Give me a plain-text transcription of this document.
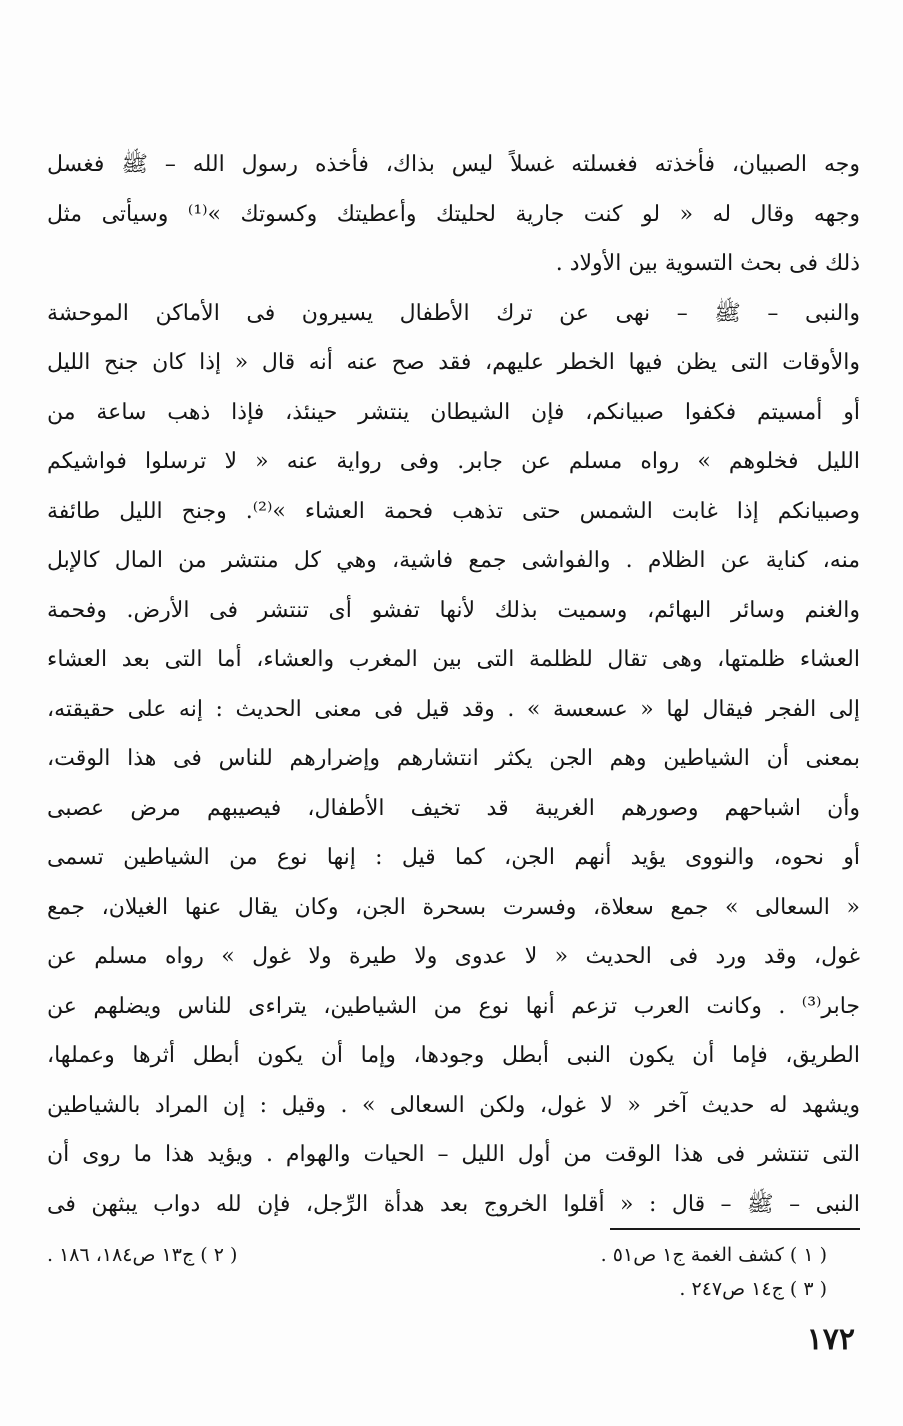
وجه الصبيان، فأخذته فغسلته غسلاً ليس بذاك، فأخذه رسول الله – ﷺ فغسل
وجهه وقال له « لو كنت جارية لحليتك وأعطيتك وكسوتك »⁽¹⁾ وسيأتى مثل
ذلك فى بحث التسوية بين الأولاد .
والنبى – ﷺ – نهى عن ترك الأطفال يسيرون فى الأماكن الموحشة
والأوقات التى يظن فيها الخطر عليهم، فقد صح عنه أنه قال « إذا كان جنح الليل
أو أمسيتم فكفوا صبيانكم، فإن الشيطان ينتشر حينئذ، فإذا ذهب ساعة من
الليل فخلوهم » رواه مسلم عن جابر. وفى رواية عنه « لا ترسلوا فواشيكم
وصبيانكم إذا غابت الشمس حتى تذهب فحمة العشاء »⁽²⁾. وجنح الليل طائفة
منه، كناية عن الظلام . والفواشى جمع فاشية، وهي كل منتشر من المال كالإبل
والغنم وسائر البهائم، وسميت بذلك لأنها تفشو أى تنتشر فى الأرض. وفحمة
العشاء ظلمتها، وهى تقال للظلمة التى بين المغرب والعشاء، أما التى بعد العشاء
إلى الفجر فيقال لها « عسعسة » . وقد قيل فى معنى الحديث : إنه على حقيقته،
بمعنى أن الشياطين وهم الجن يكثر انتشارهم وإضرارهم للناس فى هذا الوقت،
وأن اشباحهم وصورهم الغريبة قد تخيف الأطفال، فيصيبهم مرض عصبى
أو نحوه، والنووى يؤيد أنهم الجن، كما قيل : إنها نوع من الشياطين تسمى
« السعالى » جمع سعلاة، وفسرت بسحرة الجن، وكان يقال عنها الغيلان، جمع
غول، وقد ورد فى الحديث « لا عدوى ولا طيرة ولا غول » رواه مسلم عن
جابر⁽³⁾ . وكانت العرب تزعم أنها نوع من الشياطين، يتراءى للناس ويضلهم عن
الطريق، فإما أن يكون النبى أبطل وجودها، وإما أن يكون أبطل أثرها وعملها،
ويشهد له حديث آخر « لا غول، ولكن السعالى » . وقيل : إن المراد بالشياطين
التى تنتشر فى هذا الوقت من أول الليل – الحيات والهوام . ويؤيد هذا ما روى أن
النبى – ﷺ – قال : « أقلوا الخروج بعد هدأة الرِّجل، فإن لله دواب يبثهن فى
( ١ ) كشف الغمة ج١ ص٥١ .
( ٢ ) ج١٣ ص١٨٤، ١٨٦ .
( ٣ ) ج١٤ ص٢٤٧ .
١٧٢
